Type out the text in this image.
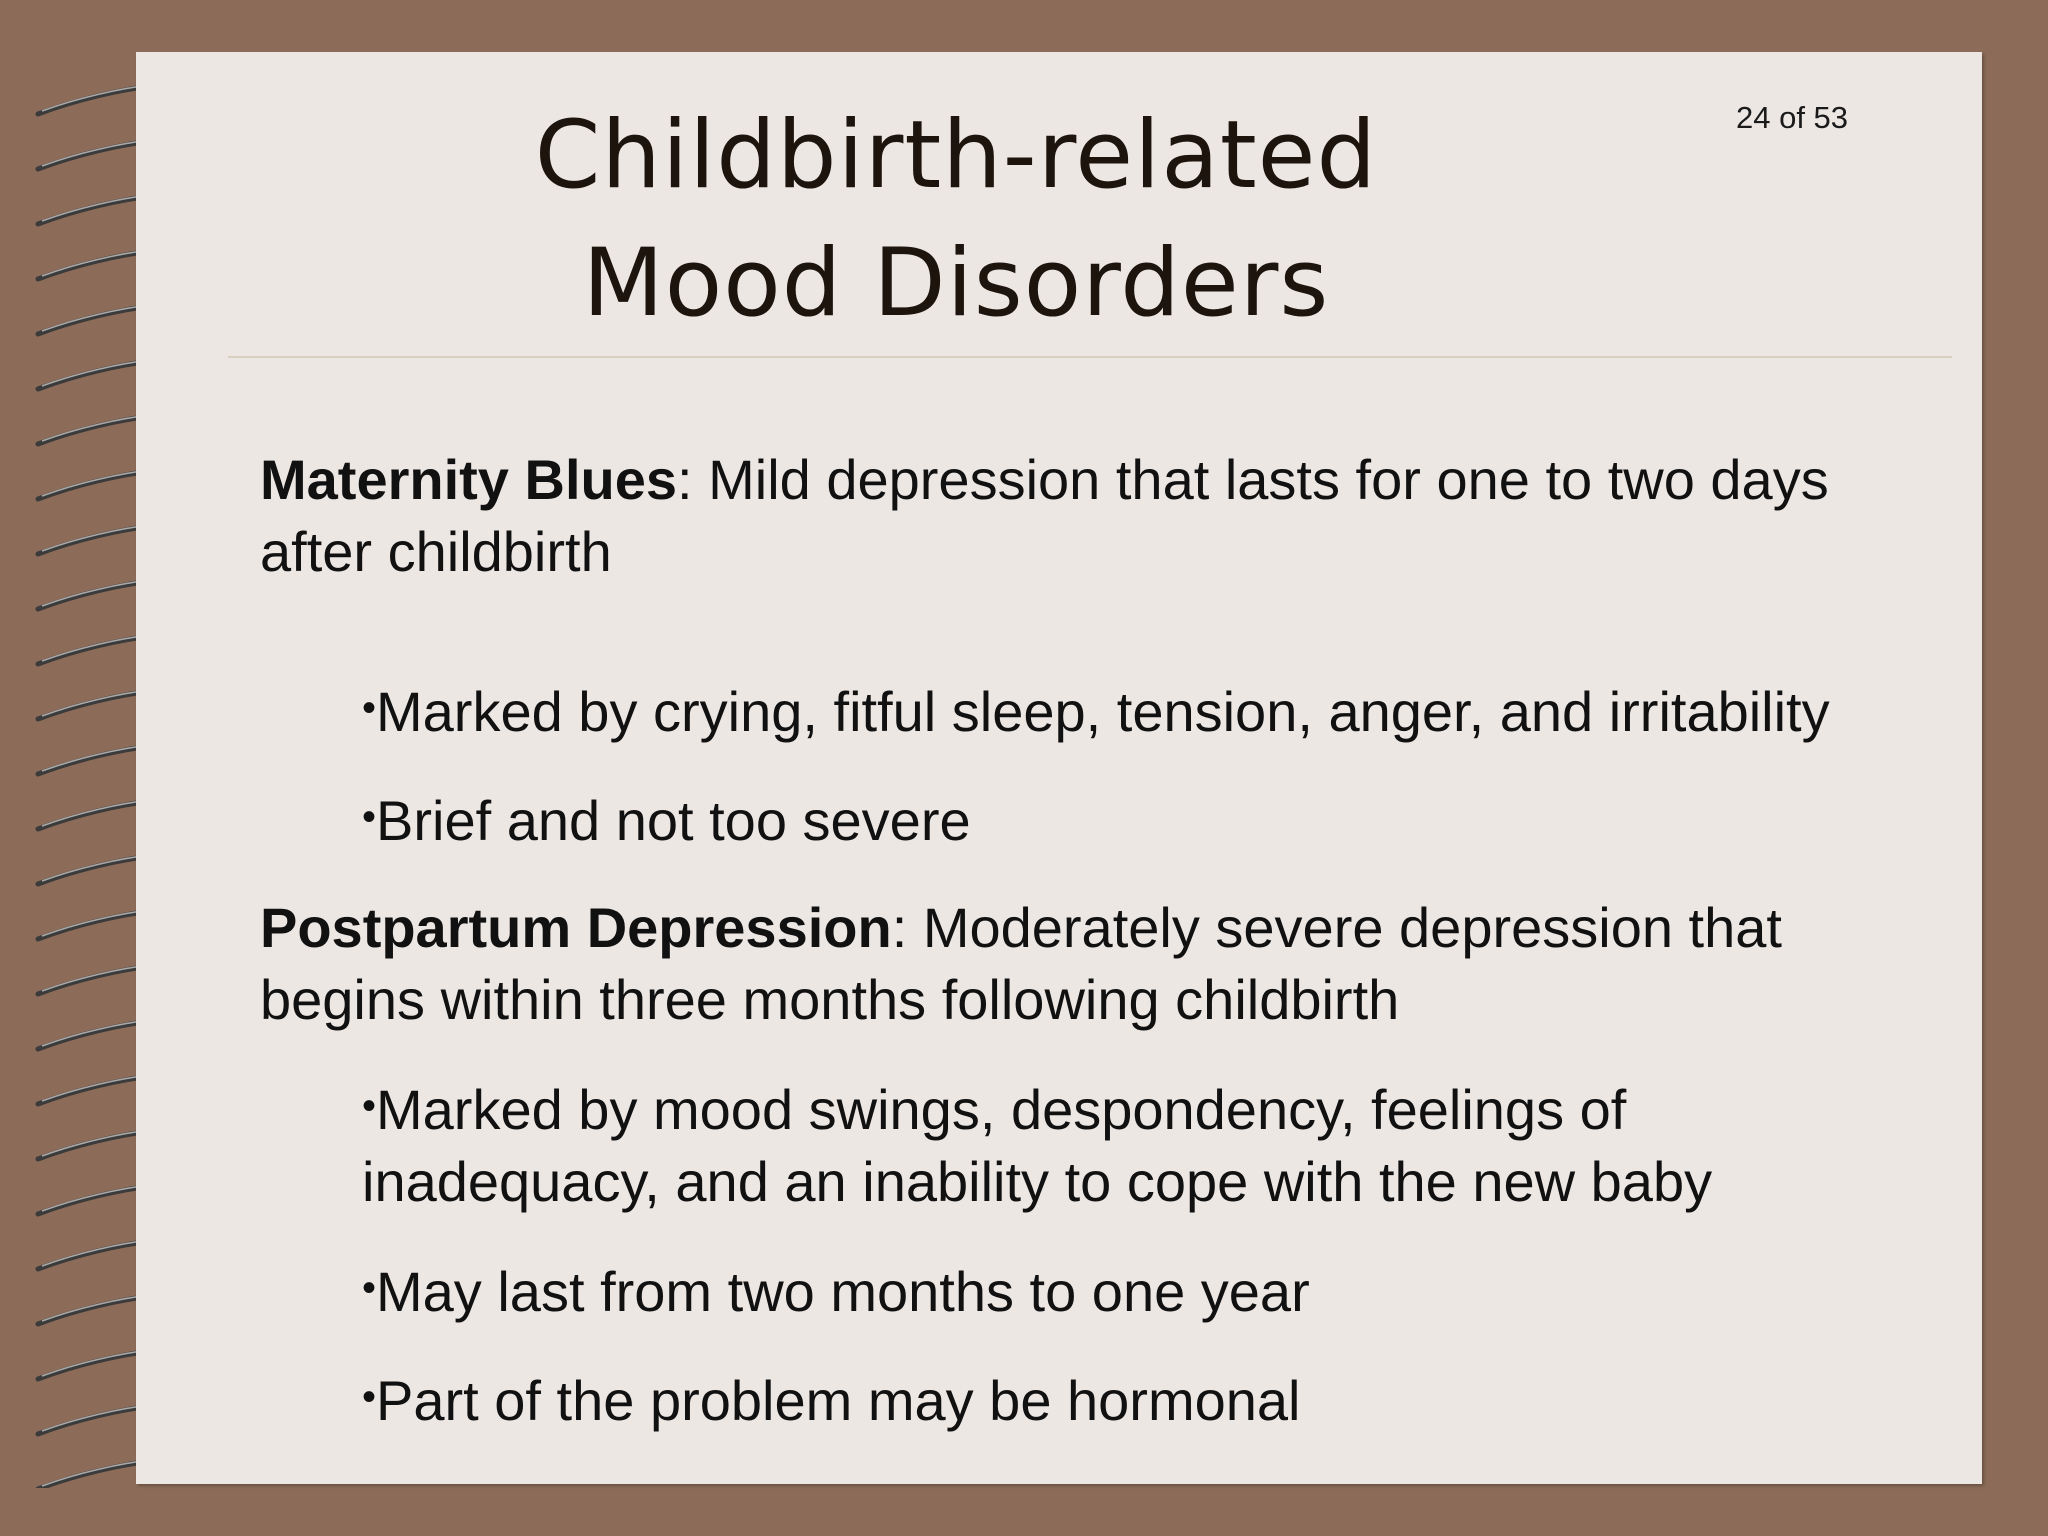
Childbirth-related
Mood Disorders
24 of 53
Maternity Blues: Mild depression that lasts for one to two days after childbirth
•Marked by crying, fitful sleep, tension, anger, and irritability
•Brief and not too severe
Postpartum Depression: Moderately severe depression that begins within three months following childbirth
•Marked by mood swings, despondency, feelings of inadequacy, and an inability to cope with the new baby
•May last from two months to one year
•Part of the problem may be hormonal
